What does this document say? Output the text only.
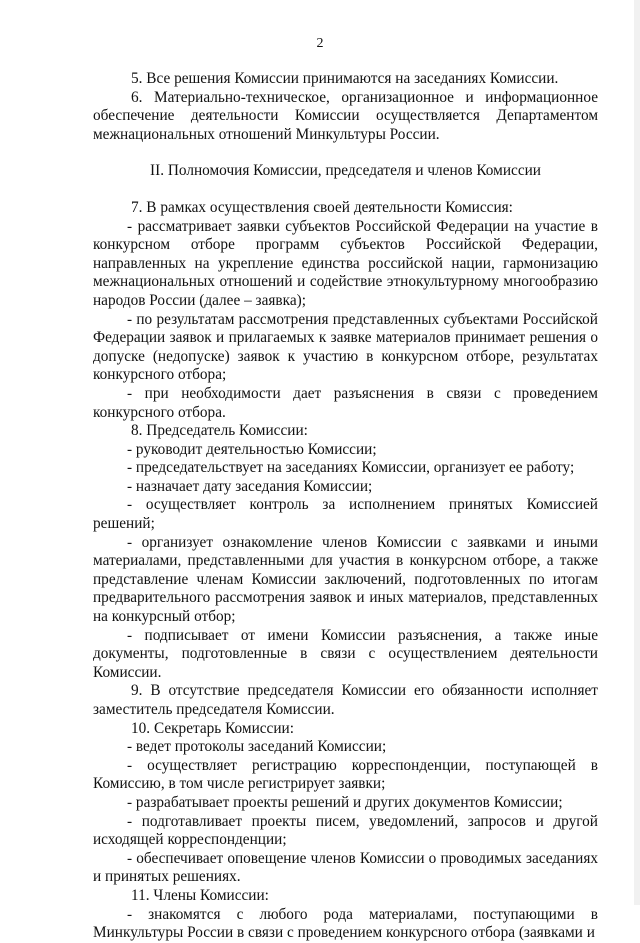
2

5. Все решения Комиссии принимаются на заседаниях Комиссии.

6. Материально-техническое, организационное и информационное обеспечение деятельности Комиссии осуществляется Департаментом межнациональных отношений Минкультуры России.

II. Полномочия Комиссии, председателя и членов Комиссии

7. В рамках осуществления своей деятельности Комиссия:

- рассматривает заявки субъектов Российской Федерации на участие в конкурсном отборе программ субъектов Российской Федерации, направленных на укрепление единства российской нации, гармонизацию межнациональных отношений и содействие этнокультурному многообразию народов России (далее – заявка);

- по результатам рассмотрения представленных субъектами Российской Федерации заявок и прилагаемых к заявке материалов принимает решения о допуске (недопуске) заявок к участию в конкурсном отборе, результатах конкурсного отбора;

- при необходимости дает разъяснения в связи с проведением конкурсного отбора.

8. Председатель Комиссии:

- руководит деятельностью Комиссии;

- председательствует на заседаниях Комиссии, организует ее работу;

- назначает дату заседания Комиссии;

- осуществляет контроль за исполнением принятых Комиссией решений;

- организует ознакомление членов Комиссии с заявками и иными материалами, представленными для участия в конкурсном отборе, а также представление членам Комиссии заключений, подготовленных по итогам предварительного рассмотрения заявок и иных материалов, представленных на конкурсный отбор;

- подписывает от имени Комиссии разъяснения, а также иные документы, подготовленные в связи с осуществлением деятельности Комиссии.

9. В отсутствие председателя Комиссии его обязанности исполняет заместитель председателя Комиссии.

10. Секретарь Комиссии:

- ведет протоколы заседаний Комиссии;

- осуществляет регистрацию корреспонденции, поступающей в Комиссию, в том числе регистрирует заявки;

- разрабатывает проекты решений и других документов Комиссии;

- подготавливает проекты писем, уведомлений, запросов и другой исходящей корреспонденции;

- обеспечивает оповещение членов Комиссии о проводимых заседаниях и принятых решениях.

11. Члены Комиссии:

- знакомятся с любого рода материалами, поступающими в Минкультуры России в связи с проведением конкурсного отбора (заявками и
